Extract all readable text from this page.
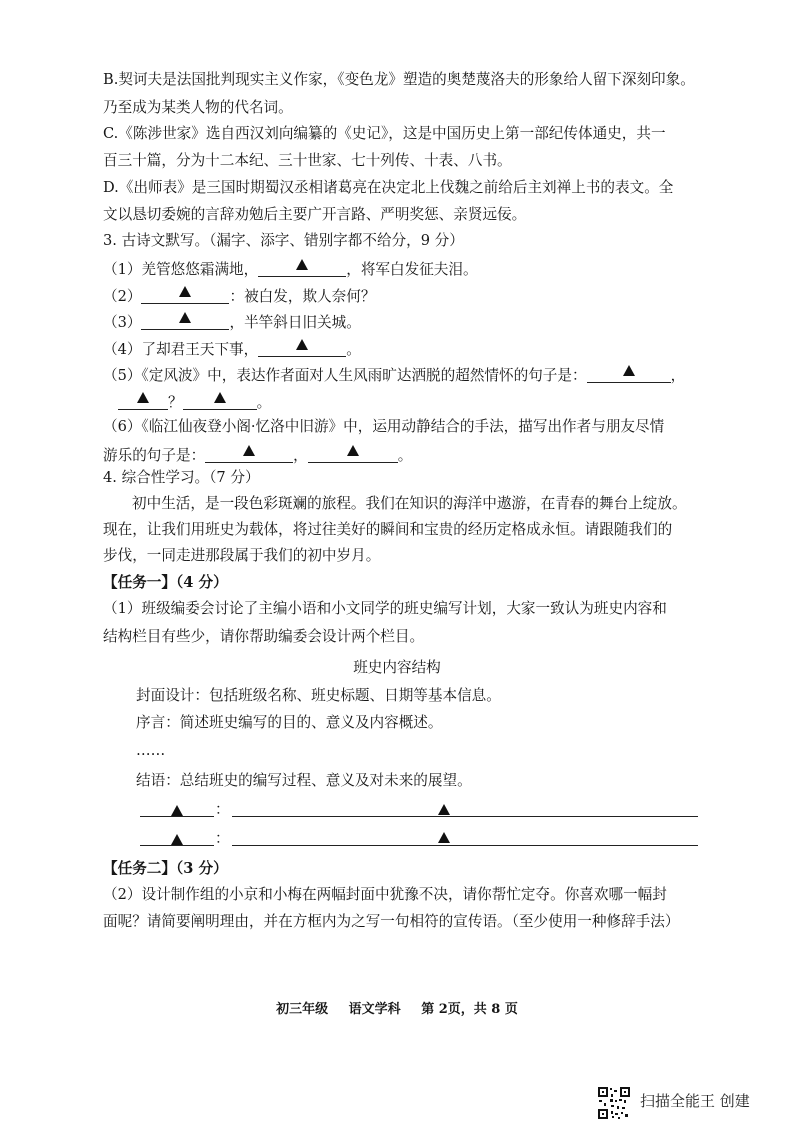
B.契诃夫是法国批判现实主义作家，《变色龙》塑造的奥楚蔑洛夫的形象给人留下深刻印象。
乃至成为某类人物的代名词。
C.《陈涉世家》选自西汉刘向编纂的《史记》，这是中国历史上第一部纪传体通史，共一
百三十篇，分为十二本纪、三十世家、七十列传、十表、八书。
D.《出师表》是三国时期蜀汉丞相诸葛亮在决定北上伐魏之前给后主刘禅上书的表文。全
文以恳切委婉的言辞劝勉后主要广开言路、严明奖惩、亲贤远佞。
3. 古诗文默写。（漏字、添字、错别字都不给分，9 分）
（1）羌管悠悠霜满地，	，将军白发征夫泪。
（2）	：被白发，欺人奈何？
（3）	，半竿斜日旧关城。
（4）了却君王天下事，	。
（5）《定风波》中，表达作者面对人生风雨旷达洒脱的超然情怀的句子是：	，
？	。
（6）《临江仙夜登小阁·忆洛中旧游》中，运用动静结合的手法，描写出作者与朋友尽情
游乐的句子是：	，	。
4. 综合性学习。（7 分）
初中生活，是一段色彩斑斓的旅程。我们在知识的海洋中遨游，在青春的舞台上绽放。
现在，让我们用班史为载体，将过往美好的瞬间和宝贵的经历定格成永恒。请跟随我们的
步伐，一同走进那段属于我们的初中岁月。
【任务一】（4 分）
（1）班级编委会讨论了主编小语和小文同学的班史编写计划，大家一致认为班史内容和
结构栏目有些少，请你帮助编委会设计两个栏目。
班史内容结构
封面设计：包括班级名称、班史标题、日期等基本信息。
序言：简述班史编写的目的、意义及内容概述。
……
结语：总结班史的编写过程、意义及对未来的展望。
：
：
【任务二】（3 分）
（2）设计制作组的小京和小梅在两幅封面中犹豫不决，请你帮忙定夺。你喜欢哪一幅封
面呢？请简要阐明理由，并在方框内为之写一句相符的宣传语。（至少使用一种修辞手法）
初三年级 语文学科 第 2页，共 8 页
扫描全能王 创建
